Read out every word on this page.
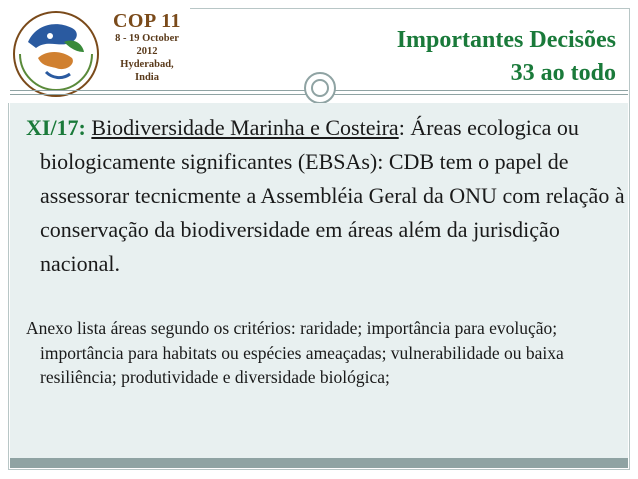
COP 11
8 - 19 October
2012
Hyderabad,
India
Importantes Decisões
33 ao todo
XI/17: Biodiversidade Marinha e Costeira: Áreas ecologica ou biologicamente significantes (EBSAs): CDB tem o papel de assessorar tecnicmente a Assembléia Geral da ONU com relação à conservação da biodiversidade em áreas além da jurisdição nacional.
Anexo lista áreas segundo os critérios: raridade; importância para evolução; importância para habitats ou espécies ameaçadas; vulnerabilidade ou baixa resiliência; produtividade e diversidade biológica;
